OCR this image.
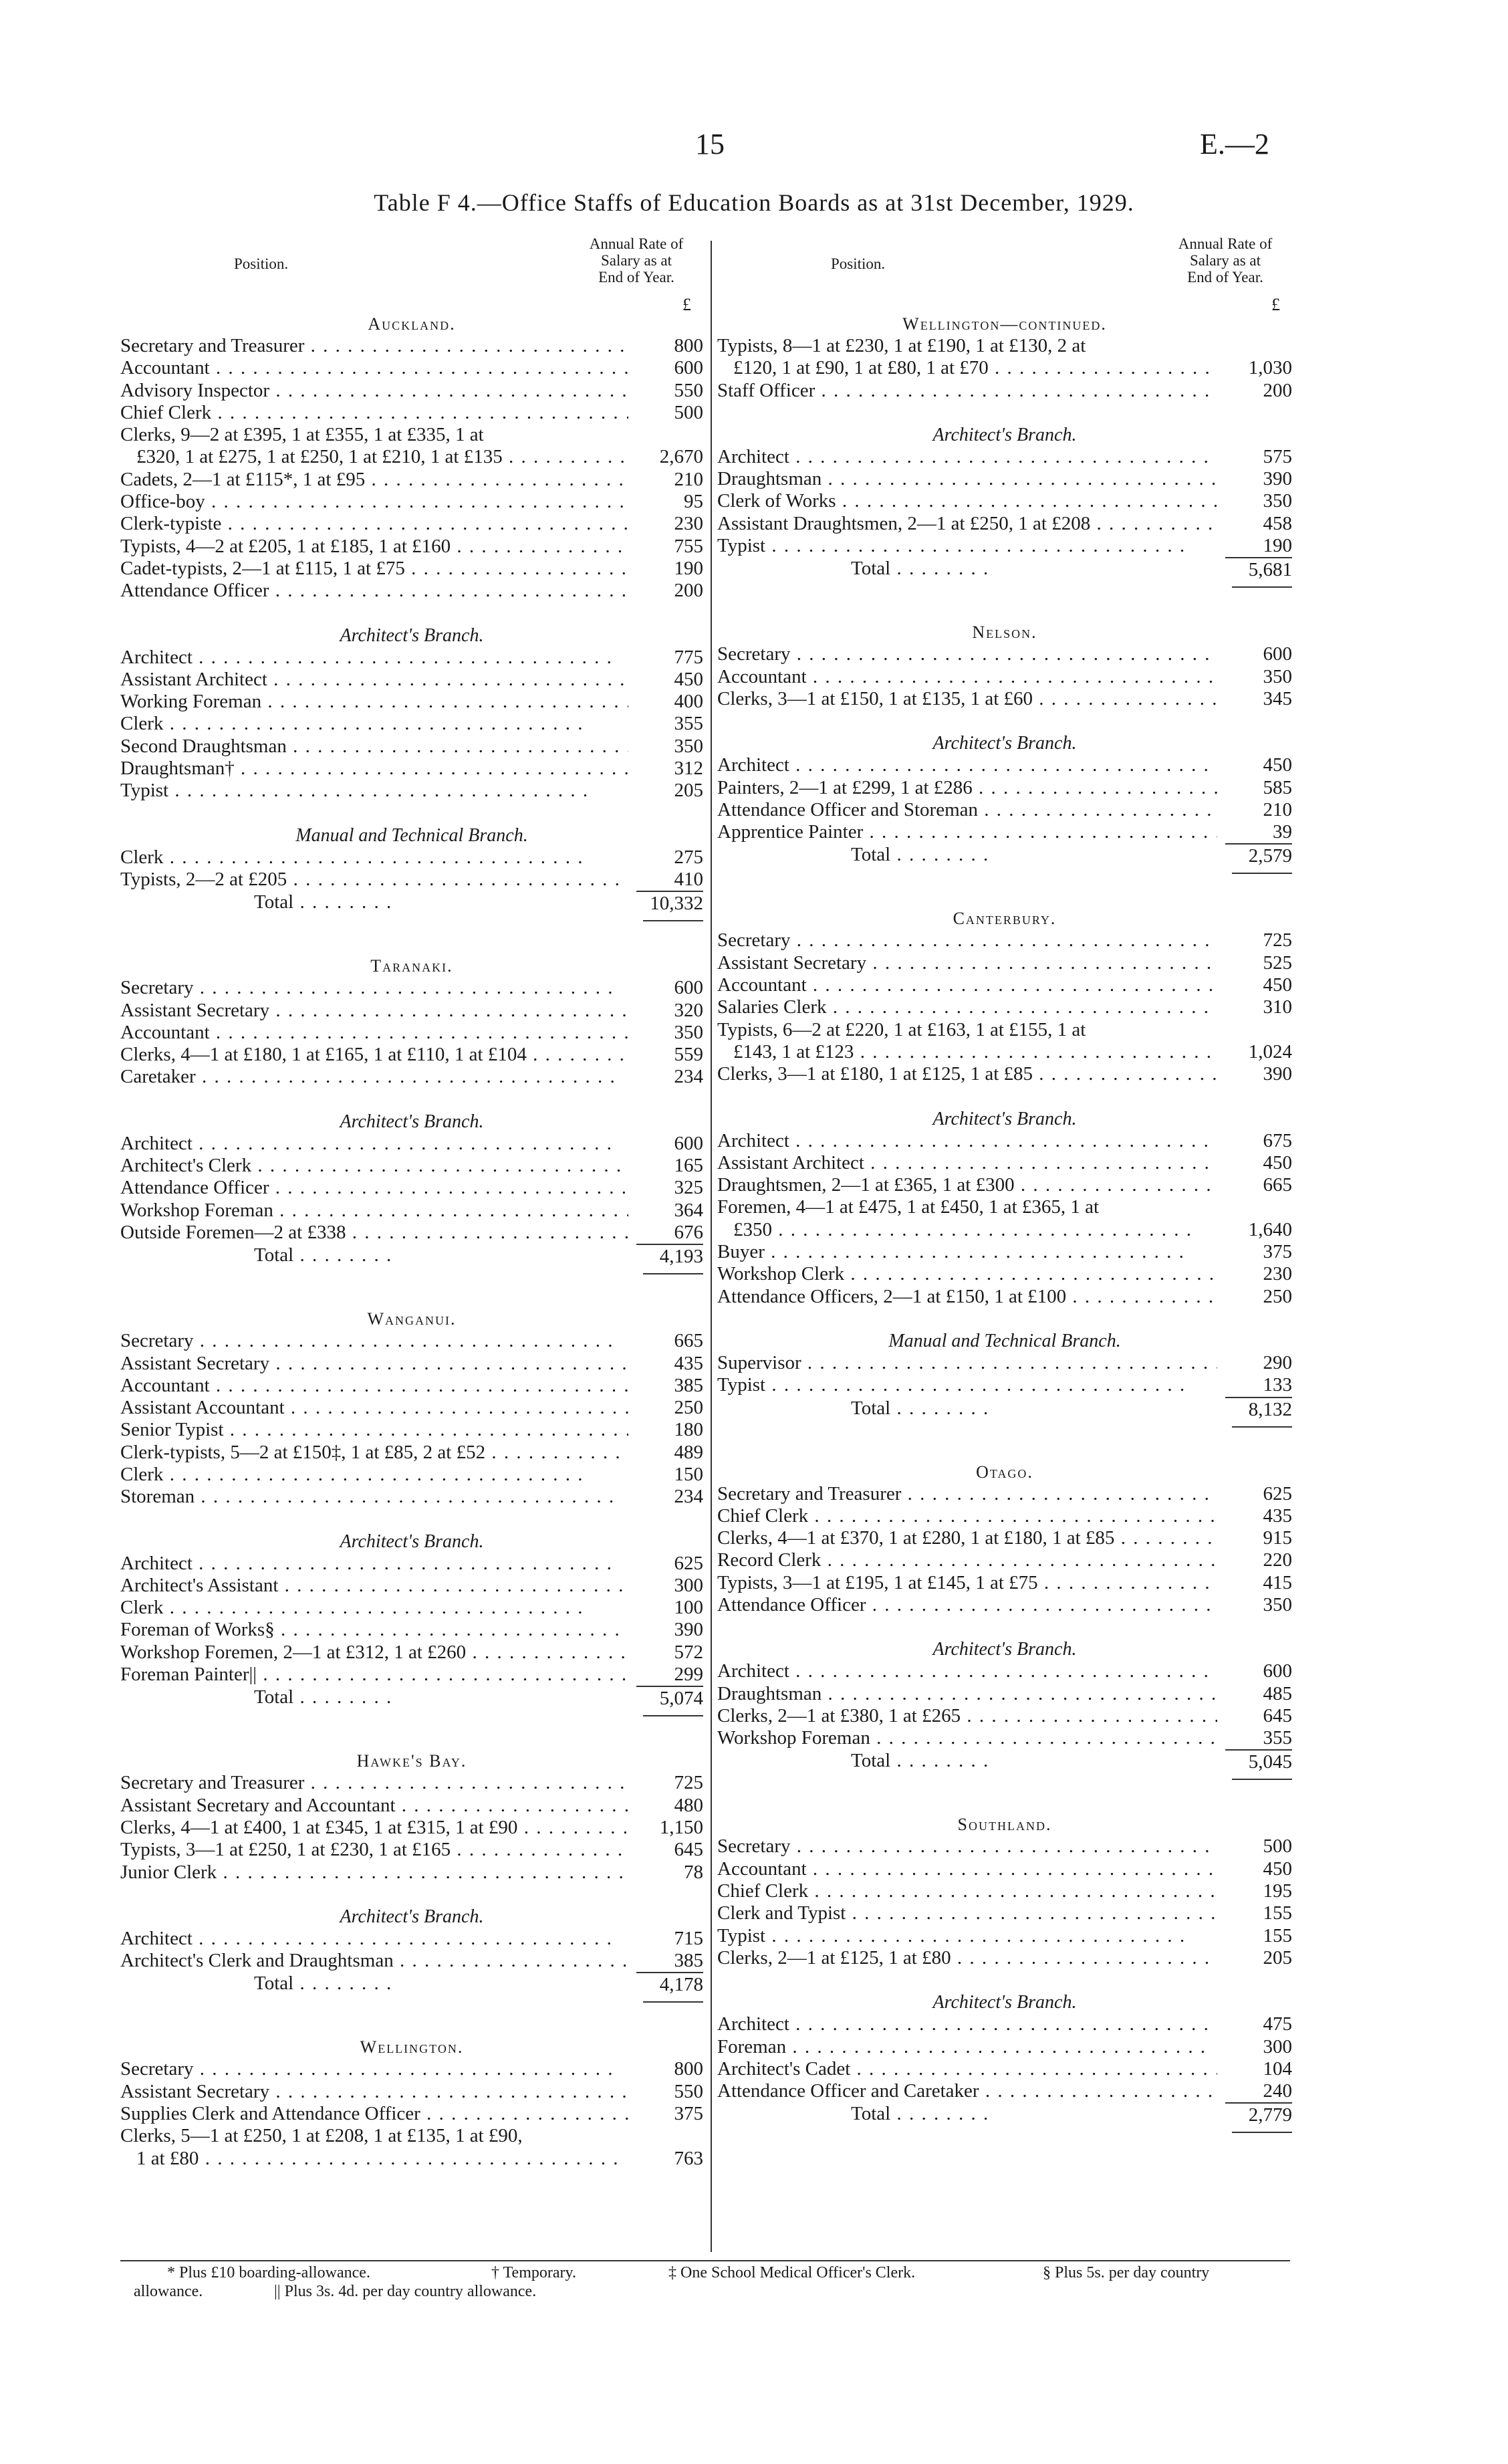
15	E.—2
Table F 4.—Office Staffs of Education Boards as at 31st December, 1929.
Position.
Annual Rate of
Salary as at
End of Year.
£
Auckland.
Secretary and Treasurer . .	800
Accountant . .	600
Advisory Inspector . .	550
Chief Clerk . .	500
Clerks, 9—2 at £395, 1 at £355, 1 at £335, 1 at
£320, 1 at £275, 1 at £250, 1 at £210, 1 at £135 . .	2,670
Cadets, 2—1 at £115*, 1 at £95 . .	210
Office-boy . .	95
Clerk-typiste . .	230
Typists, 4—2 at £205, 1 at £185, 1 at £160 . .	755
Cadet-typists, 2—1 at £115, 1 at £75 . .	190
Attendance Officer . .	200
Architect's Branch.
Architect . .	775
Assistant Architect . .	450
Working Foreman . .	400
Clerk . .	355
Second Draughtsman . .	350
Draughtsman† . .	312
Typist . .	205
Manual and Technical Branch.
Clerk . .	275
Typists, 2—2 at £205 . .	410
Total . .	10,332
Taranaki.
Secretary . .	600
Assistant Secretary . .	320
Accountant . .	350
Clerks, 4—1 at £180, 1 at £165, 1 at £110, 1 at £104 . .	559
Caretaker . .	234
Architect's Branch.
Architect . .	600
Architect's Clerk . .	165
Attendance Officer . .	325
Workshop Foreman . .	364
Outside Foremen—2 at £338 . .	676
Total . .	4,193
Wanganui.
Secretary . .	665
Assistant Secretary . .	435
Accountant . .	385
Assistant Accountant . .	250
Senior Typist . .	180
Clerk-typists, 5—2 at £150‡, 1 at £85, 2 at £52 . .	489
Clerk . .	150
Storeman . .	234
Architect's Branch.
Architect . .	625
Architect's Assistant . .	300
Clerk . .	100
Foreman of Works§ . .	390
Workshop Foremen, 2—1 at £312, 1 at £260 . .	572
Foreman Painter|| . .	299
Total . .	5,074
Hawke's Bay.
Secretary and Treasurer . .	725
Assistant Secretary and Accountant . .	480
Clerks, 4—1 at £400, 1 at £345, 1 at £315, 1 at £90 . .	1,150
Typists, 3—1 at £250, 1 at £230, 1 at £165 . .	645
Junior Clerk . .	78
Architect's Branch.
Architect . .	715
Architect's Clerk and Draughtsman . .	385
Total . .	4,178
Wellington.
Secretary . .	800
Assistant Secretary . .	550
Supplies Clerk and Attendance Officer . .	375
Clerks, 5—1 at £250, 1 at £208, 1 at £135, 1 at £90,
1 at £80 . .	763
Position.
Annual Rate of
Salary as at
End of Year.
£
Wellington—continued.
Typists, 8—1 at £230, 1 at £190, 1 at £130, 2 at
£120, 1 at £90, 1 at £80, 1 at £70 . .	1,030
Staff Officer . .	200
Architect's Branch.
Architect . .	575
Draughtsman . .	390
Clerk of Works . .	350
Assistant Draughtsmen, 2—1 at £250, 1 at £208 . .	458
Typist . .	190
Total . .	5,681
Nelson.
Secretary . .	600
Accountant . .	350
Clerks, 3—1 at £150, 1 at £135, 1 at £60 . .	345
Architect's Branch.
Architect . .	450
Painters, 2—1 at £299, 1 at £286 . .	585
Attendance Officer and Storeman . .	210
Apprentice Painter . .	39
Total . .	2,579
Canterbury.
Secretary . .	725
Assistant Secretary . .	525
Accountant . .	450
Salaries Clerk . .	310
Typists, 6—2 at £220, 1 at £163, 1 at £155, 1 at
£143, 1 at £123 . .	1,024
Clerks, 3—1 at £180, 1 at £125, 1 at £85 . .	390
Architect's Branch.
Architect . .	675
Assistant Architect . .	450
Draughtsmen, 2—1 at £365, 1 at £300 . .	665
Foremen, 4—1 at £475, 1 at £450, 1 at £365, 1 at
£350 . .	1,640
Buyer . .	375
Workshop Clerk . .	230
Attendance Officers, 2—1 at £150, 1 at £100 . .	250
Manual and Technical Branch.
Supervisor . .	290
Typist . .	133
Total . .	8,132
Otago.
Secretary and Treasurer . .	625
Chief Clerk . .	435
Clerks, 4—1 at £370, 1 at £280, 1 at £180, 1 at £85 . .	915
Record Clerk . .	220
Typists, 3—1 at £195, 1 at £145, 1 at £75 . .	415
Attendance Officer . .	350
Architect's Branch.
Architect . .	600
Draughtsman . .	485
Clerks, 2—1 at £380, 1 at £265 . .	645
Workshop Foreman . .	355
Total . .	5,045
Southland.
Secretary . .	500
Accountant . .	450
Chief Clerk . .	195
Clerk and Typist . .	155
Typist . .	155
Clerks, 2—1 at £125, 1 at £80 . .	205
Architect's Branch.
Architect . .	475
Foreman . .	300
Architect's Cadet . .	104
Attendance Officer and Caretaker . .	240
Total . .	2,779
* Plus £10 boarding-allowance.	† Temporary.	‡ One School Medical Officer's Clerk.	§ Plus 5s. per day country
allowance.	|| Plus 3s. 4d. per day country allowance.
